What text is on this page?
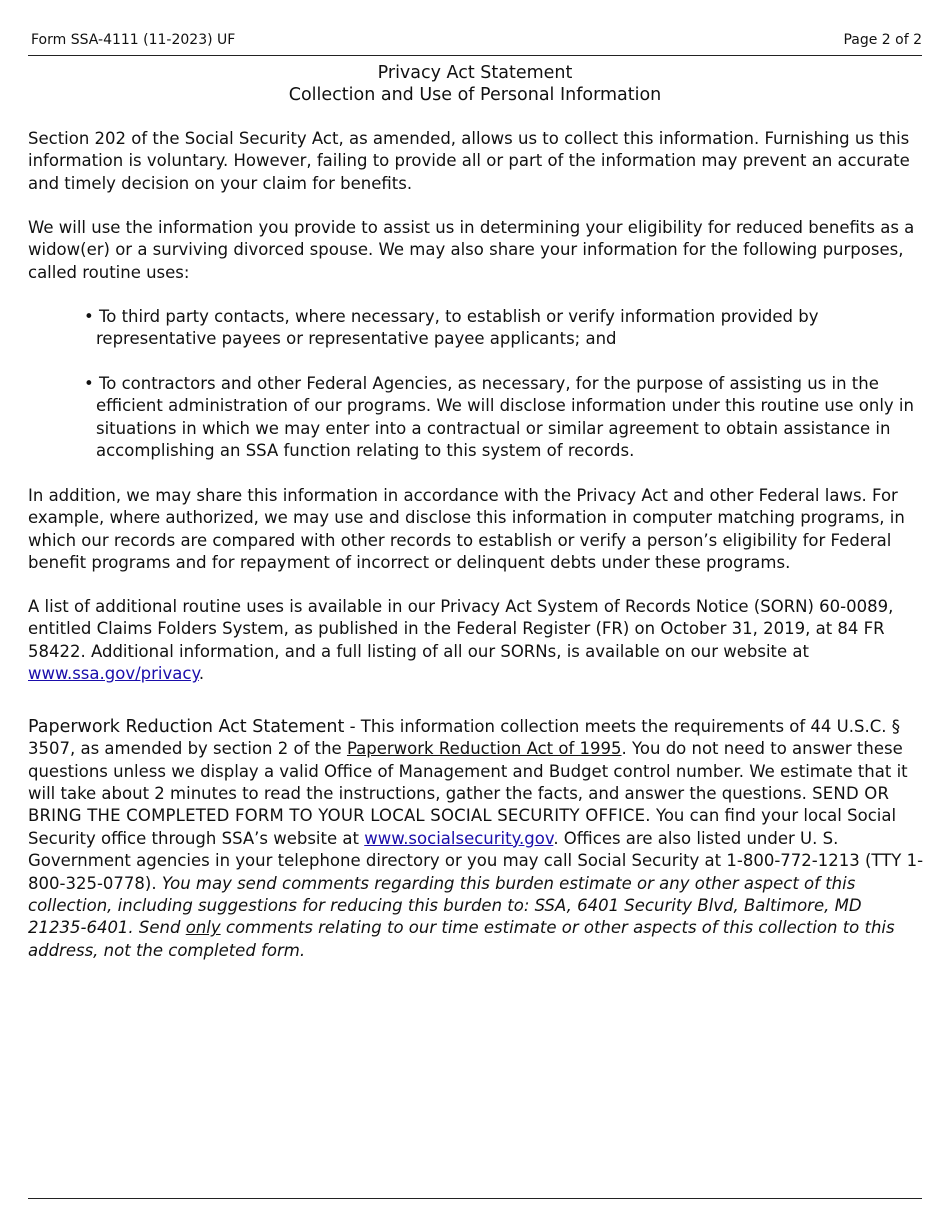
Form SSA-4111 (11-2023) UF	Page 2 of 2
Privacy Act Statement
Collection and Use of Personal Information

Section 202 of the Social Security Act, as amended, allows us to collect this information. Furnishing us this information is voluntary. However, failing to provide all or part of the information may prevent an accurate and timely decision on your claim for benefits.

We will use the information you provide to assist us in determining your eligibility for reduced benefits as a widow(er) or a surviving divorced spouse. We may also share your information for the following purposes, called routine uses:

• To third party contacts, where necessary, to establish or verify information provided by representative payees or representative payee applicants; and
• To contractors and other Federal Agencies, as necessary, for the purpose of assisting us in the efficient administration of our programs. We will disclose information under this routine use only in situations in which we may enter into a contractual or similar agreement to obtain assistance in accomplishing an SSA function relating to this system of records.

In addition, we may share this information in accordance with the Privacy Act and other Federal laws. For example, where authorized, we may use and disclose this information in computer matching programs, in which our records are compared with other records to establish or verify a person’s eligibility for Federal benefit programs and for repayment of incorrect or delinquent debts under these programs.

A list of additional routine uses is available in our Privacy Act System of Records Notice (SORN) 60-0089, entitled Claims Folders System, as published in the Federal Register (FR) on October 31, 2019, at 84 FR 58422. Additional information, and a full listing of all our SORNs, is available on our website at www.ssa.gov/privacy.

Paperwork Reduction Act Statement - This information collection meets the requirements of 44 U.S.C. § 3507, as amended by section 2 of the Paperwork Reduction Act of 1995. You do not need to answer these questions unless we display a valid Office of Management and Budget control number. We estimate that it will take about 2 minutes to read the instructions, gather the facts, and answer the questions. SEND OR BRING THE COMPLETED FORM TO YOUR LOCAL SOCIAL SECURITY OFFICE. You can find your local Social Security office through SSA’s website at www.socialsecurity.gov. Offices are also listed under U. S. Government agencies in your telephone directory or you may call Social Security at 1-800-772-1213 (TTY 1-800-325-0778). You may send comments regarding this burden estimate or any other aspect of this collection, including suggestions for reducing this burden to: SSA, 6401 Security Blvd, Baltimore, MD 21235-6401. Send only comments relating to our time estimate or other aspects of this collection to this address, not the completed form.
